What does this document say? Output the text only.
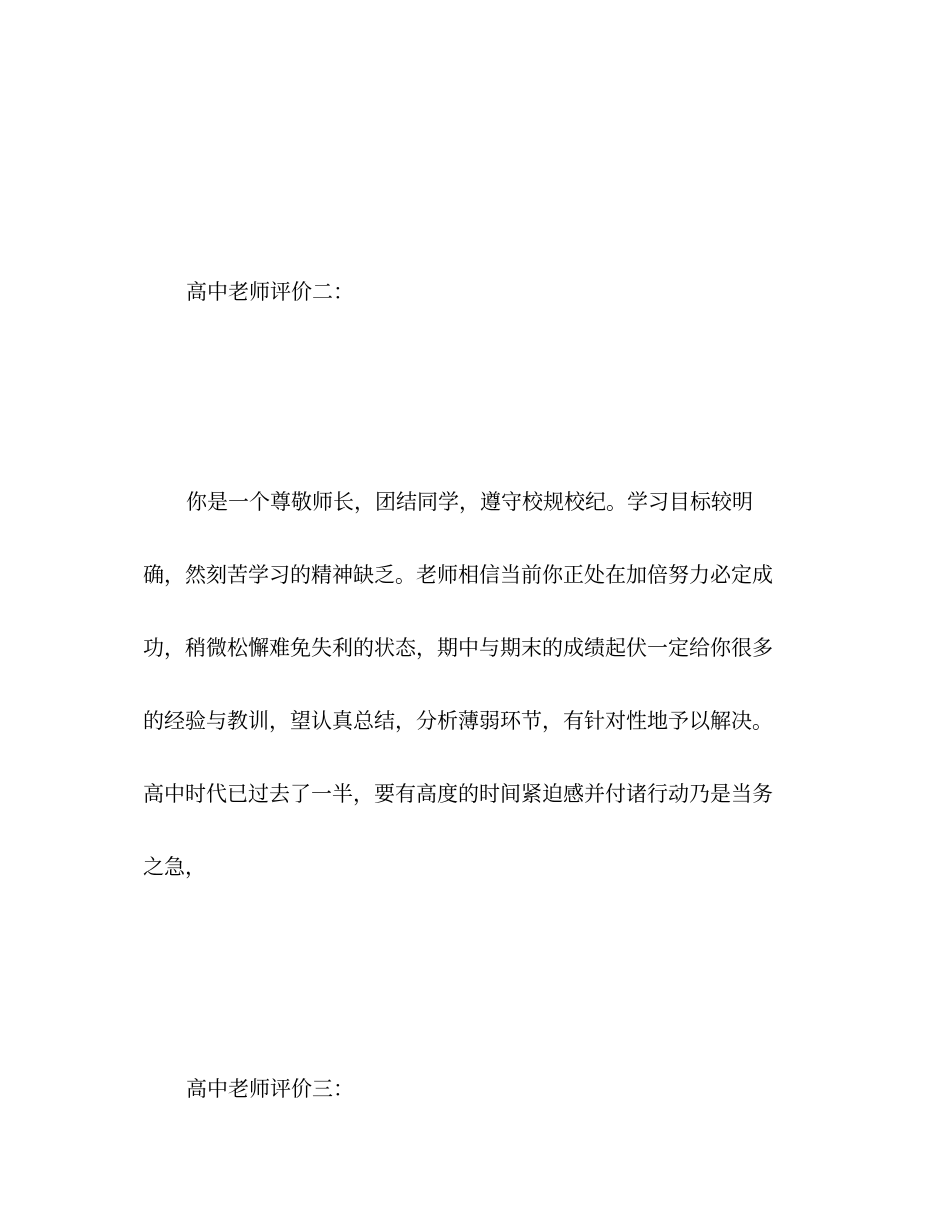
高中老师评价二：
你是一个尊敬师长，团结同学，遵守校规校纪。学习目标较明
确，然刻苦学习的精神缺乏。老师相信当前你正处在加倍努力必定成
功，稍微松懈难免失利的状态，期中与期末的成绩起伏一定给你很多
的经验与教训，望认真总结，分析薄弱环节，有针对性地予以解决。
高中时代已过去了一半，要有高度的时间紧迫感并付诸行动乃是当务
之急，
高中老师评价三：
